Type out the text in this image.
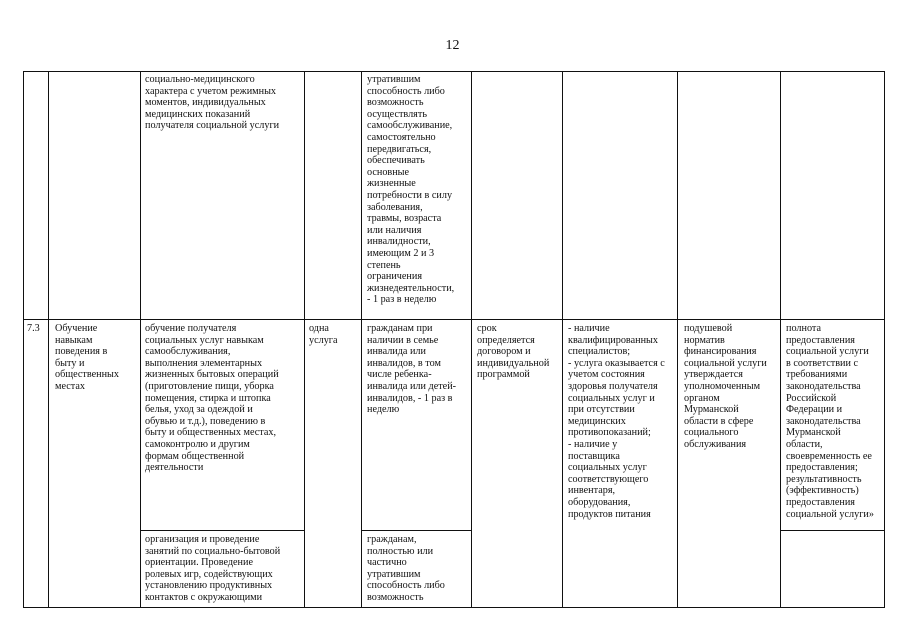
12

социально-медицинского
характера с учетом режимных
моментов, индивидуальных
медицинских показаний
получателя социальной услуги

утратившим
способность либо
возможность
осуществлять
самообслуживание,
самостоятельно
передвигаться,
обеспечивать
основные
жизненные
потребности в силу
заболевания,
травмы, возраста
или наличия
инвалидности,
имеющим 2 и 3
степень
ограничения
жизнедеятельности,
- 1 раз в неделю

7.3	Обучение
навыкам
поведения в
быту и
общественных
местах

обучение получателя
социальных услуг навыкам
самообслуживания,
выполнения элементарных
жизненных бытовых операций
(приготовление пищи, уборка
помещения, стирка и штопка
белья, уход за одеждой и
обувью и т.д.), поведению в
быту и общественных местах,
самоконтролю и другим
формам общественной
деятельности

одна
услуга

гражданам при
наличии в семье
инвалида или
инвалидов, в том
числе ребенка-
инвалида или детей-
инвалидов, - 1 раз в
неделю

срок
определяется
договором и
индивидуальной
программой

- наличие
квалифицированных
специалистов;
- услуга оказывается с
учетом состояния
здоровья получателя
социальных услуг и
при отсутствии
медицинских
противопоказаний;
- наличие у
поставщика
социальных услуг
соответствующего
инвентаря,
оборудования,
продуктов питания

подушевой
норматив
финансирования
социальной услуги
утверждается
уполномоченным
органом
Мурманской
области в сфере
социального
обслуживания

полнота
предоставления
социальной услуги
в соответствии с
требованиями
законодательства
Российской
Федерации и
законодательства
Мурманской
области,
своевременность ее
предоставления;
результативность
(эффективность)
предоставления
социальной услуги»

организация и проведение
занятий по социально-бытовой
ориентации. Проведение
ролевых игр, содействующих
установлению продуктивных
контактов с окружающими

гражданам,
полностью или
частично
утратившим
способность либо
возможность
